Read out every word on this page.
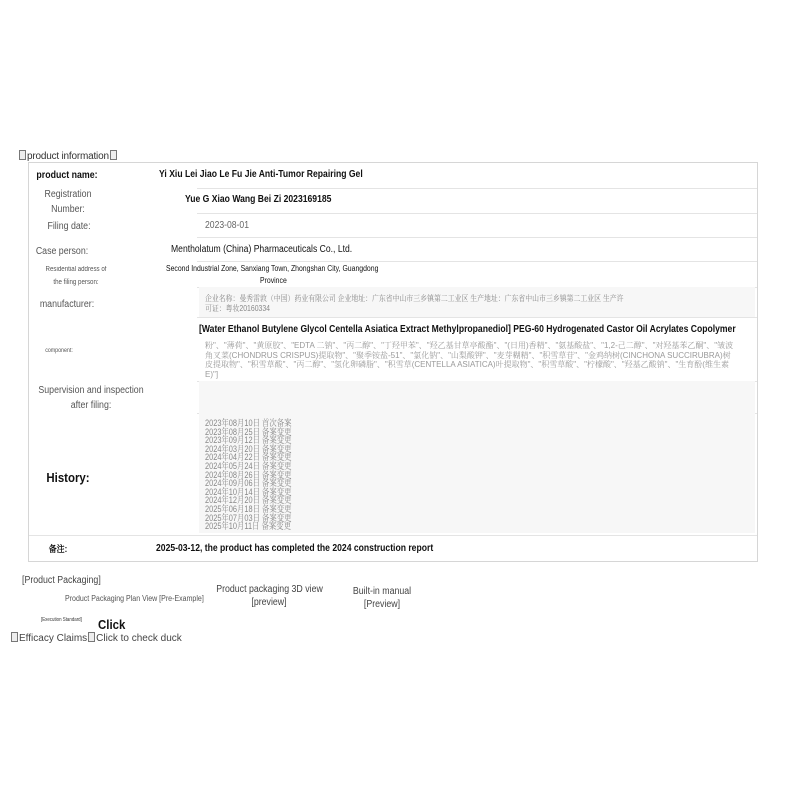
product information
product name:	Yi Xiu Lei Jiao Le Fu Jie Anti-Tumor Repairing Gel
Registration
Number:
Yue G Xiao Wang Bei Zi 2023169185
Filing date:	2023-08-01
Case person:	Mentholatum (China) Pharmaceuticals Co., Ltd.
Residential address of
the filing person:
Second Industrial Zone, Sanxiang Town, Zhongshan City, Guangdong
Province
manufacturer:
企业名称：曼秀雷敦（中国）药业有限公司 企业地址：广东省中山市三乡镇第二工业区 生产地址：广东省中山市三乡镇第二工业区 生产许
可证：粤妆20160334
component:
[Water Ethanol Butylene Glycol Centella Asiatica Extract Methylpropanediol] PEG-60 Hydrogenated Castor Oil Acrylates Copolymer
粉"、"薄荷"、"黄原胶"、"EDTA 二钠"、"丙二醇"、"丁羟甲苯"、"羟乙基甘草亭酸酯"、"(日用)香精"、"氨基酸盐"、"1,2-己二醇"、"对羟基苯乙酮"、"皱波角叉菜(CHONDRUS CRISPUS)提取物"、"聚季铵盐-51"、"氯化钠"、"山梨酸钾"、"麦芽糊精"、"积雪草苷"、"金鸡纳树(CINCHONA SUCCIRUBRA)树皮提取物"、"积雪草酸"、"丙二醇"、"氢化卵磷脂"、"积雪草(CENTELLA ASIATICA)叶提取物"、"积雪草酸"、"柠檬酸"、"羟基乙酸钠"、"生育酚(维生素E)"]
Supervision and inspection
after filing:
History:
2023年08月10日 首次备案
2023年08月25日 备案变更
2023年09月12日 备案变更
2024年03月20日 备案变更
2024年04月22日 备案变更
2024年05月24日 备案变更
2024年08月26日 备案变更
2024年09月06日 备案变更
2024年10月14日 备案变更
2024年12月20日 备案变更
2025年06月18日 备案变更
2025年07月03日 备案变更
2025年10月11日 备案变更
备注:	2025-03-12, the product has completed the 2024 construction report
[Product Packaging]
Product Packaging Plan View [Pre-Example]
Product packaging 3D view
[preview]
Built-in manual
[Preview]
[Execution Standard] Click
Efficacy Claims Click to check duck
